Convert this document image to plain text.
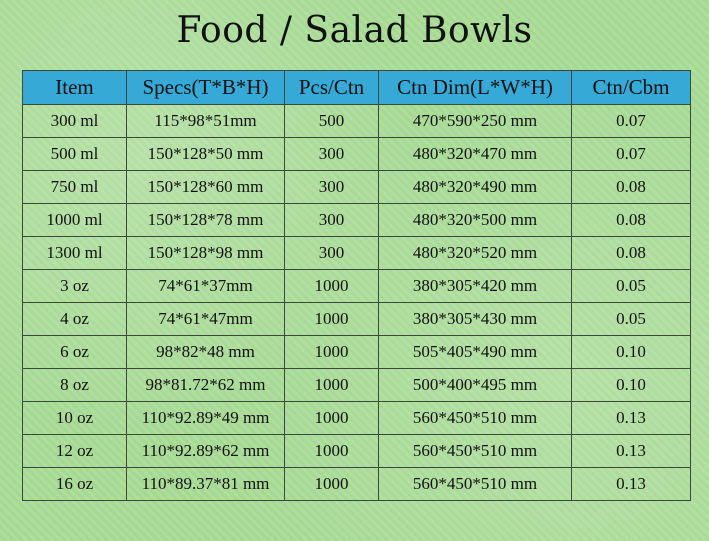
Food / Salad Bowls
Item	Specs(T*B*H)	Pcs/Ctn	Ctn Dim(L*W*H)	Ctn/Cbm
300 ml	115*98*51mm	500	470*590*250 mm	0.07
500 ml	150*128*50 mm	300	480*320*470 mm	0.07
750 ml	150*128*60 mm	300	480*320*490 mm	0.08
1000 ml	150*128*78 mm	300	480*320*500 mm	0.08
1300 ml	150*128*98 mm	300	480*320*520 mm	0.08
3 oz	74*61*37mm	1000	380*305*420 mm	0.05
4 oz	74*61*47mm	1000	380*305*430 mm	0.05
6 oz	98*82*48 mm	1000	505*405*490 mm	0.10
8 oz	98*81.72*62 mm	1000	500*400*495 mm	0.10
10 oz	110*92.89*49 mm	1000	560*450*510 mm	0.13
12 oz	110*92.89*62 mm	1000	560*450*510 mm	0.13
16 oz	110*89.37*81 mm	1000	560*450*510 mm	0.13
